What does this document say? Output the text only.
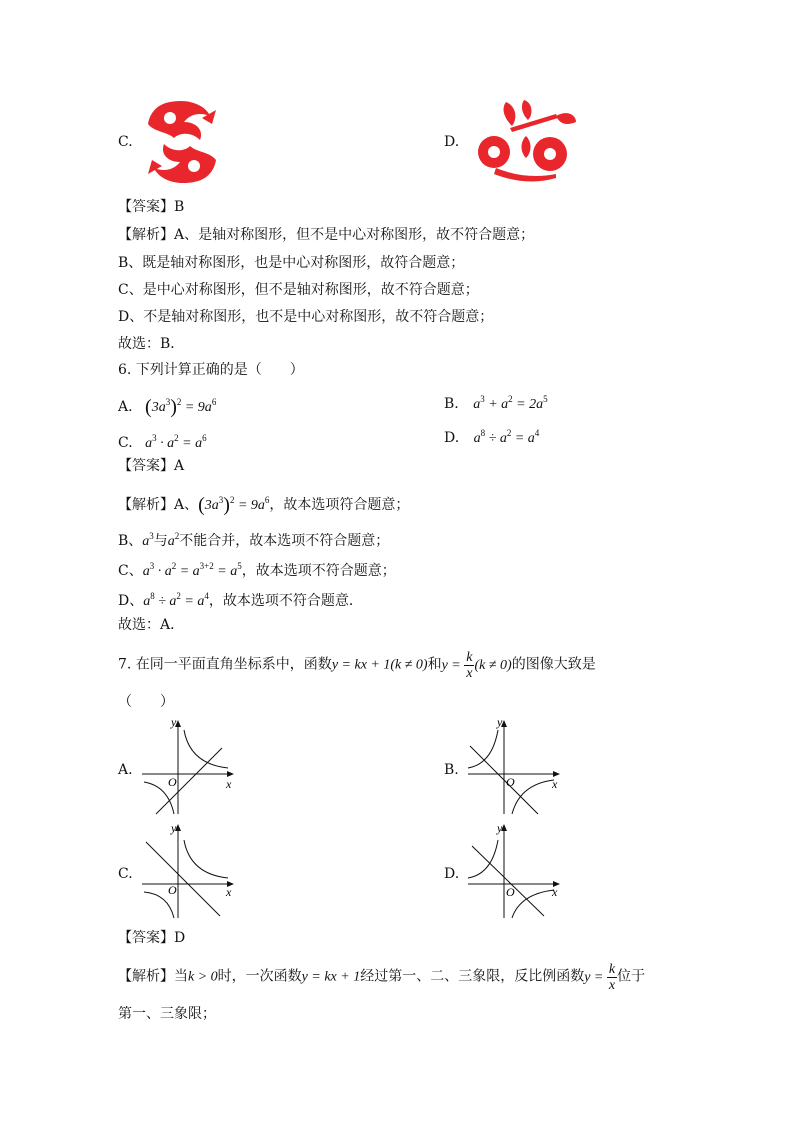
C.	D.
【答案】B
【解析】A、是轴对称图形，但不是中心对称图形，故不符合题意；
B、既是轴对称图形，也是中心对称图形，故符合题意；
C、是中心对称图形，但不是轴对称图形，故不符合题意；
D、不是轴对称图形，也不是中心对称图形，故不符合题意；
故选：B．
6. 下列计算正确的是（　　）
A. $(3a^3)^2 = 9a^6$	B. $a^3 + a^2 = 2a^5$
C. $a^3 \cdot a^2 = a^6$	D. $a^8 \div a^2 = a^4$
【答案】A
【解析】A、$(3a^3)^2 = 9a^6$，故本选项符合题意；
B、$a^3$与$a^2$不能合并，故本选项不符合题意；
C、$a^3 \cdot a^2 = a^{3+2} = a^5$，故本选项不符合题意；
D、$a^8 \div a^2 = a^4$，故本选项不符合题意．
故选：A．
7. 在同一平面直角坐标系中，函数y = kx + 1(k ≠ 0)和$y = \frac{k}{x} (k \ne 0)$的图像大致是
（　　）
A.
y
x
O
B.
y
x
O
C.
y
x
O
D.
y
x
O
【答案】D
【解析】当k > 0时，一次函数y = kx + 1经过第一、二、三象限，反比例函数$y = \frac{k}{x}$ 位于
第一、三象限；
